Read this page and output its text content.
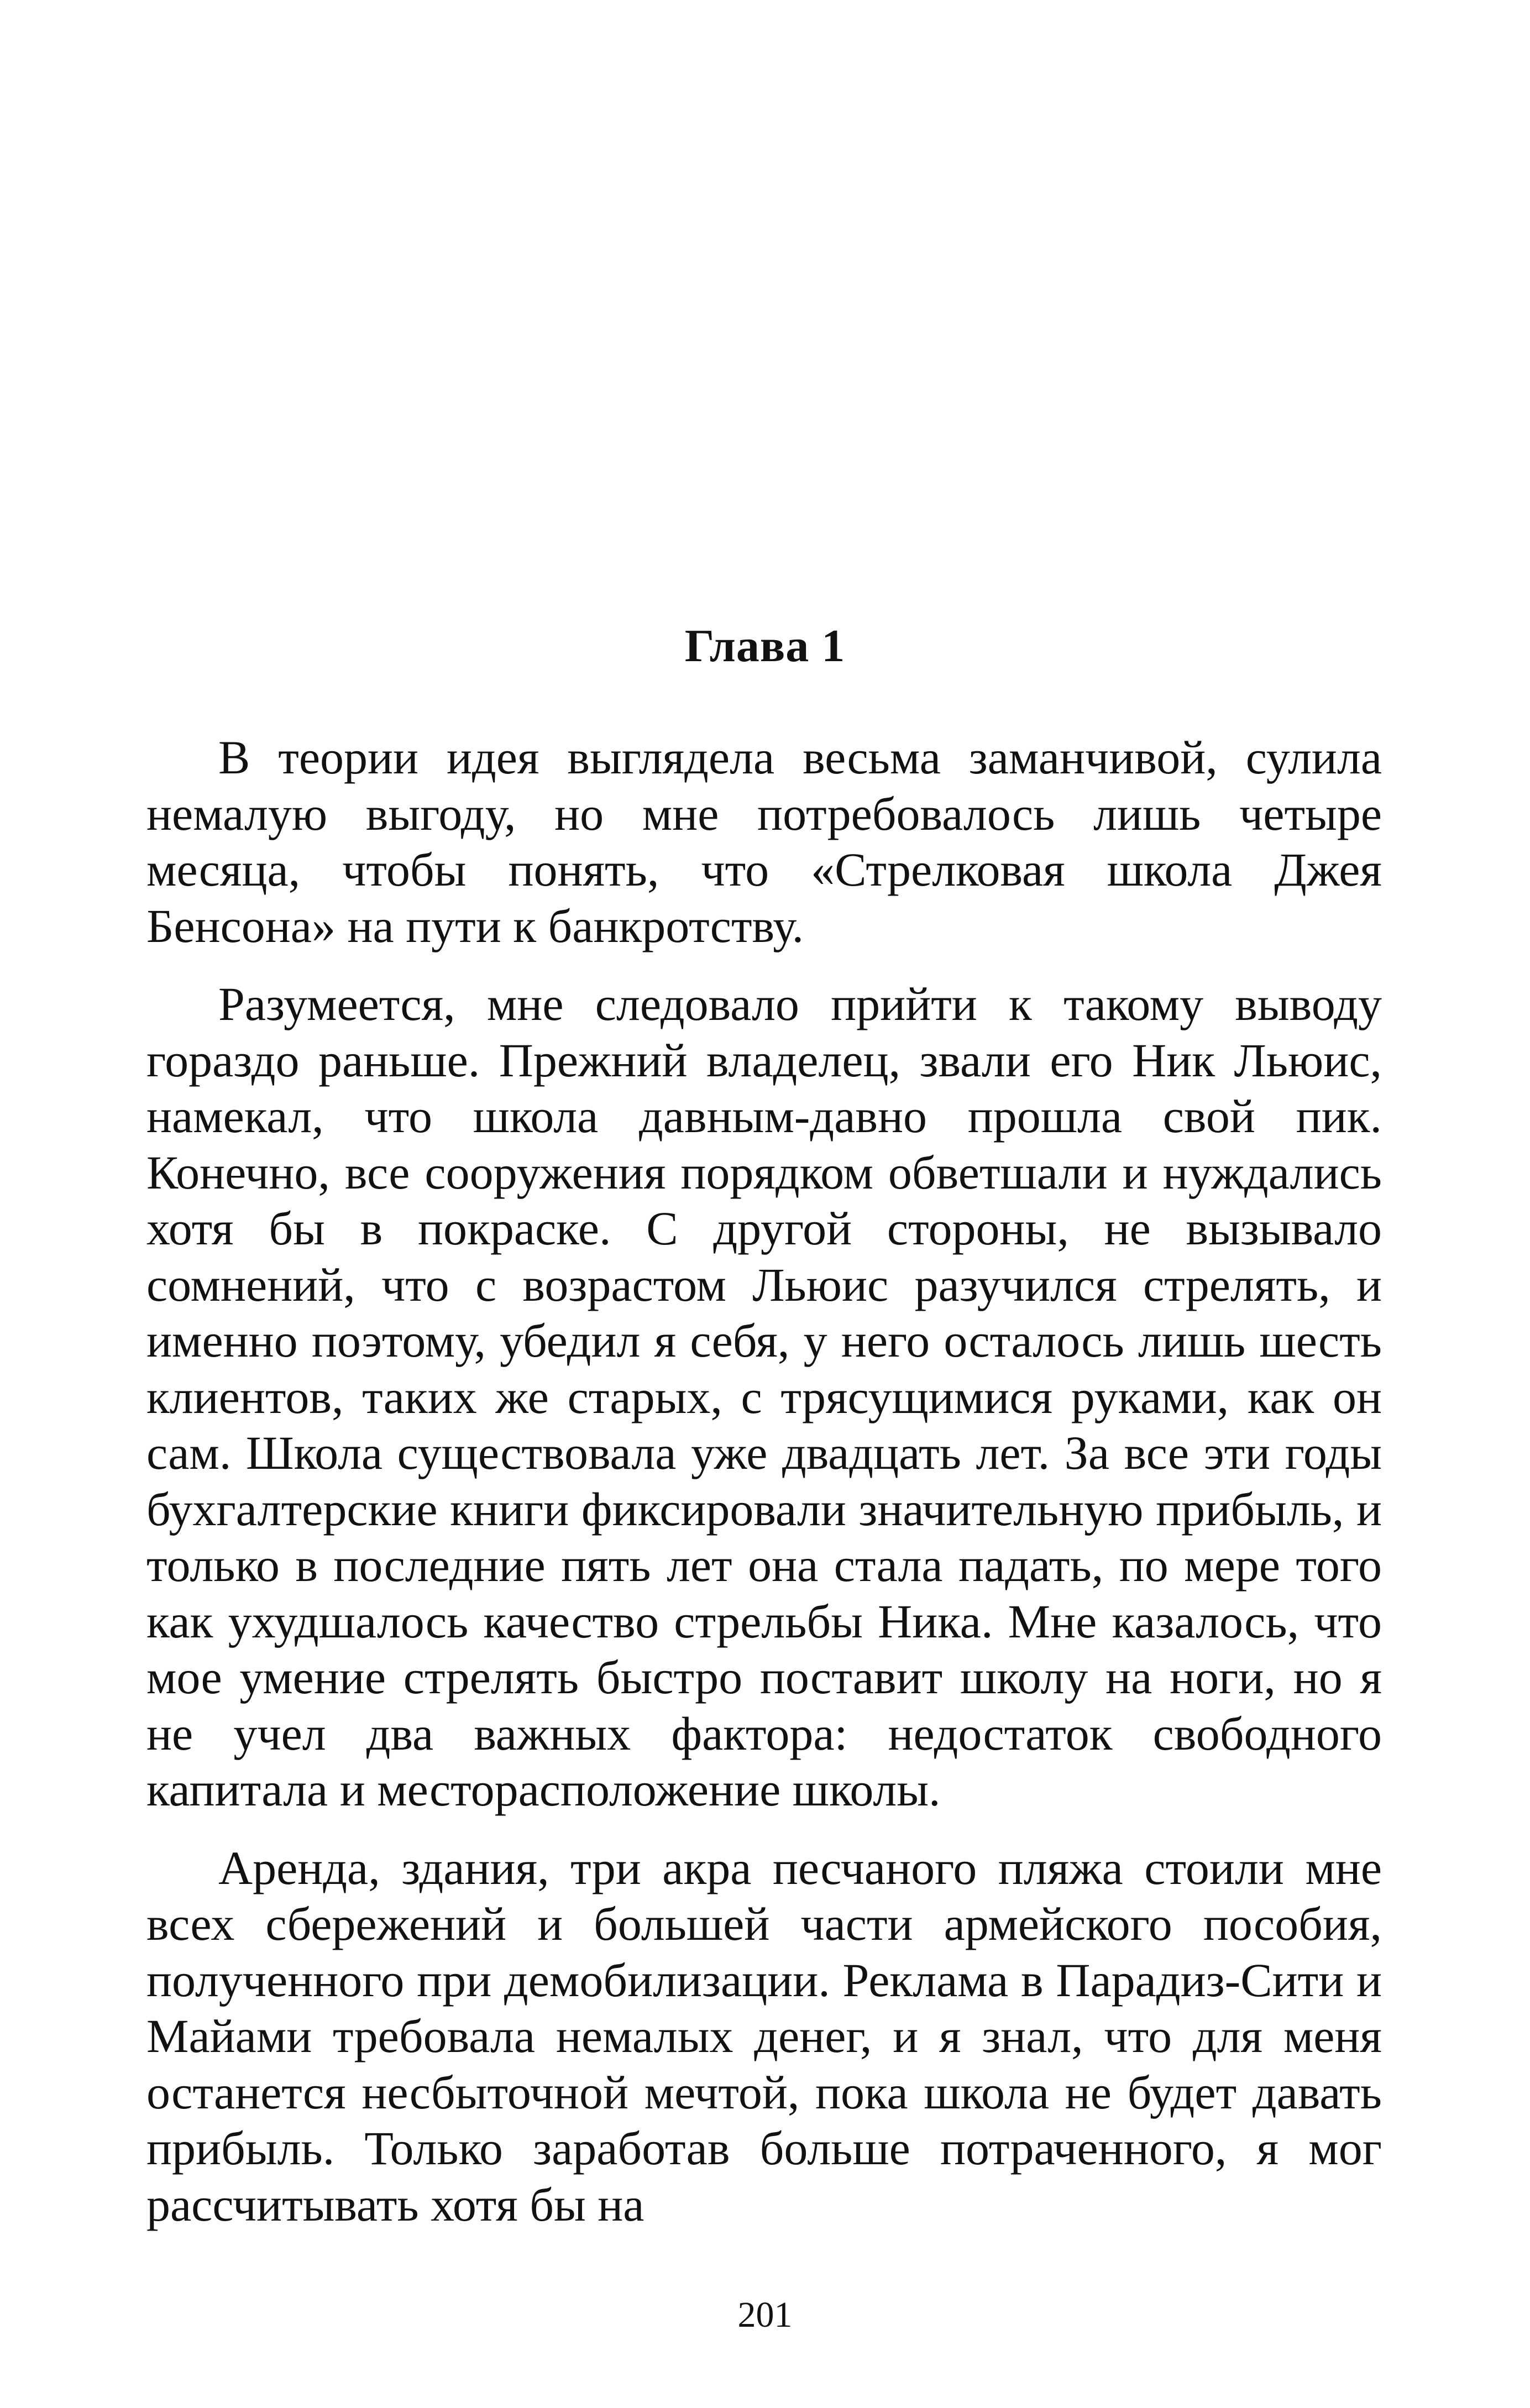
Глава 1

В теории идея выглядела весьма заманчивой, сулила немалую выгоду, но мне потребовалось лишь четыре месяца, чтобы понять, что «Стрелковая школа Джея Бенсона» на пути к банкротству.

Разумеется, мне следовало прийти к такому выводу гораздо раньше. Прежний владелец, звали его Ник Льюис, намекал, что школа давным-давно прошла свой пик. Конечно, все сооружения порядком обветшали и нуждались хотя бы в покраске. С другой стороны, не вызывало сомнений, что с возрастом Льюис разучился стрелять, и именно поэтому, убедил я себя, у него осталось лишь шесть клиентов, таких же старых, с трясущимися руками, как он сам. Школа существовала уже двадцать лет. За все эти годы бухгалтерские книги фиксировали значительную прибыль, и только в последние пять лет она стала падать, по мере того как ухудшалось качество стрельбы Ника. Мне казалось, что мое умение стрелять быстро поставит школу на ноги, но я не учел два важных фактора: недостаток свободного капитала и месторасположение школы.

Аренда, здания, три акра песчаного пляжа стоили мне всех сбережений и большей части армейского пособия, полученного при демобилизации. Реклама в Парадиз-Сити и Майами требовала немалых денег, и я знал, что для меня останется несбыточной мечтой, пока школа не будет давать прибыль. Только заработав больше потраченного, я мог рассчитывать хотя бы на

201
